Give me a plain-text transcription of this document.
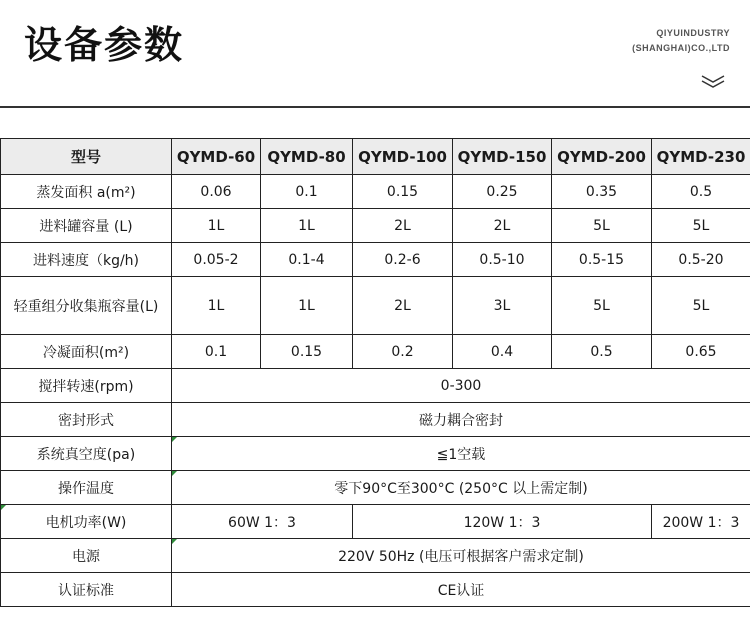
设备参数	QIYUINDUSTRY
(SHANGHAI)CO.,LTD
型号	QYMD-60	QYMD-80	QYMD-100	QYMD-150	QYMD-200	QYMD-230
蒸发面积 a(m²)	0.06	0.1	0.15	0.25	0.35	0.5
进料罐容量 (L)	1L	1L	2L	2L	5L	5L
进料速度（kg/h)	0.05-2	0.1-4	0.2-6	0.5-10	0.5-15	0.5-20
轻重组分收集瓶容量(L)	1L	1L	2L	3L	5L	5L
冷凝面积(m²)	0.1	0.15	0.2	0.4	0.5	0.65
搅拌转速(rpm)	0-300					
密封形式	磁力耦合密封					
系统真空度(pa)	≦1空载					
操作温度	零下90°C至300°C (250°C 以上需定制)					
电机功率(W)	60W 1：3		120W 1：3			200W 1：3
电源	220V 50Hz (电压可根据客户需求定制)					
认证标准	CE认证					
